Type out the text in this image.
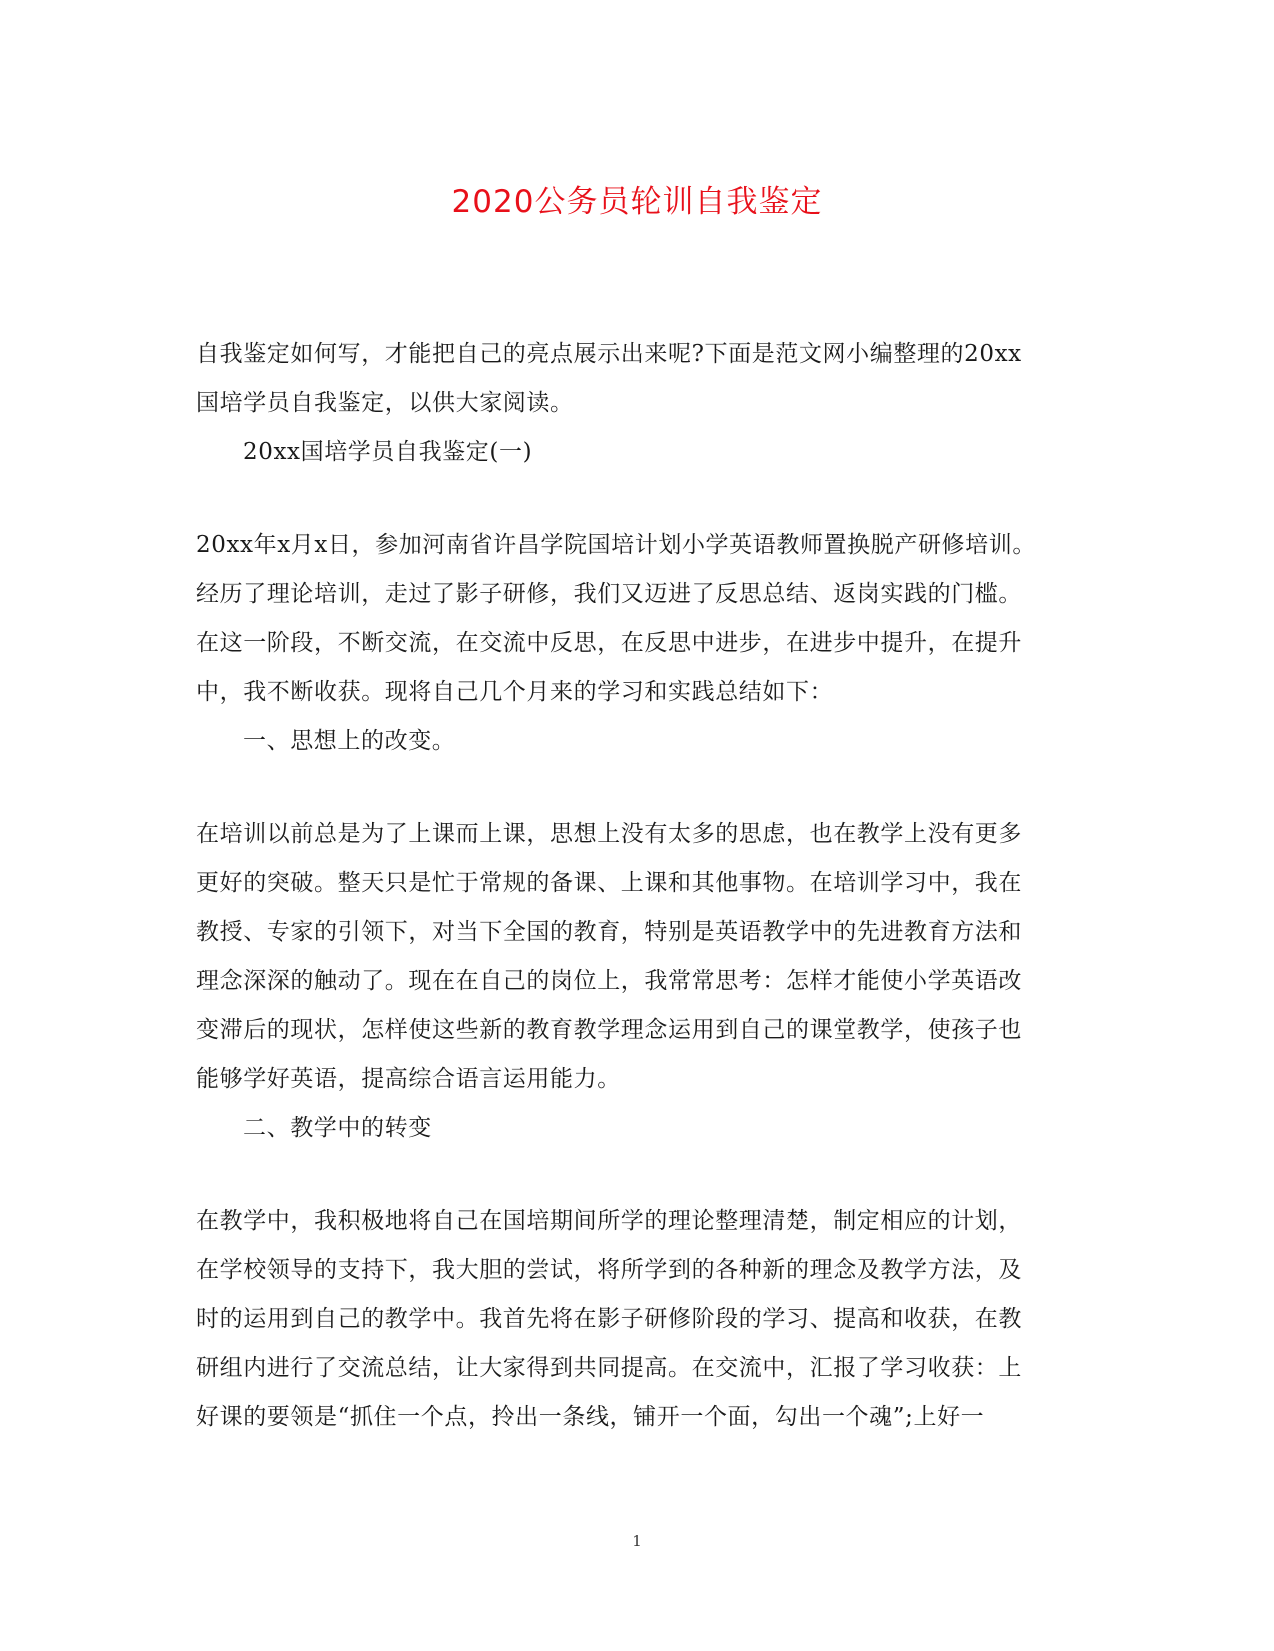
2020公务员轮训自我鉴定
自我鉴定如何写，才能把自己的亮点展示出来呢?下面是范文网小编整理的20xx
国培学员自我鉴定，以供大家阅读。
20xx国培学员自我鉴定(一)
20xx年x月x日，参加河南省许昌学院国培计划小学英语教师置换脱产研修培训。
经历了理论培训，走过了影子研修，我们又迈进了反思总结、返岗实践的门槛。
在这一阶段，不断交流，在交流中反思，在反思中进步，在进步中提升，在提升
中，我不断收获。现将自己几个月来的学习和实践总结如下：
一、思想上的改变。
在培训以前总是为了上课而上课，思想上没有太多的思虑，也在教学上没有更多
更好的突破。整天只是忙于常规的备课、上课和其他事物。在培训学习中，我在
教授、专家的引领下，对当下全国的教育，特别是英语教学中的先进教育方法和
理念深深的触动了。现在在自己的岗位上，我常常思考：怎样才能使小学英语改
变滞后的现状，怎样使这些新的教育教学理念运用到自己的课堂教学，使孩子也
能够学好英语，提高综合语言运用能力。
二、教学中的转变
在教学中，我积极地将自己在国培期间所学的理论整理清楚，制定相应的计划，
在学校领导的支持下，我大胆的尝试，将所学到的各种新的理念及教学方法，及
时的运用到自己的教学中。我首先将在影子研修阶段的学习、提高和收获，在教
研组内进行了交流总结，让大家得到共同提高。在交流中，汇报了学习收获：上
好课的要领是“抓住一个点，拎出一条线，铺开一个面，勾出一个魂”;上好一
1
